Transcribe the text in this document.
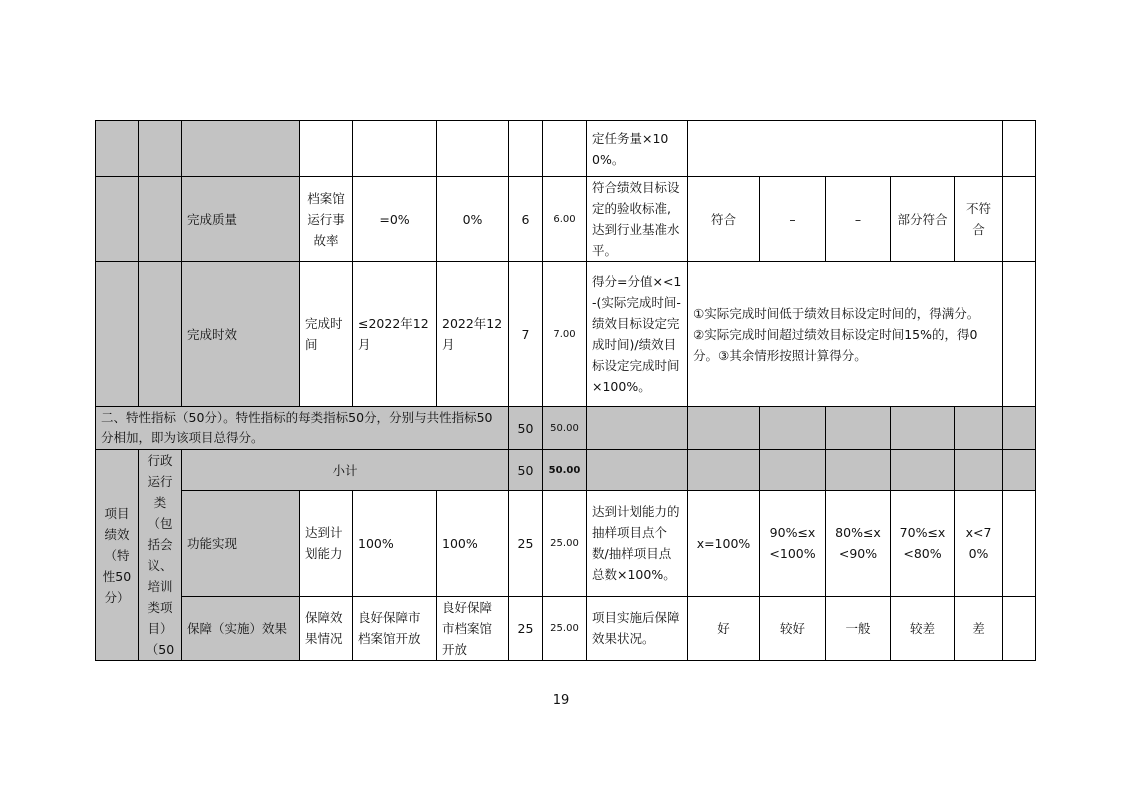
								定任务量×100%。						
		完成质量	档案馆运行事故率	=0%	0%	6	6.00	符合绩效目标设定的验收标准,达到行业基准水平。	符合	–	–	部分符合	不符合	
		完成时效	完成时间	≤2022年12月	2022年12月	7	7.00	得分=分值×<1-(实际完成时间-绩效目标设定完成时间)/绩效目标设定完成时间×100%。	①实际完成时间低于绩效目标设定时间的，得满分。
②实际完成时间超过绩效目标设定时间15%的，得0分。③其余情形按照计算得分。					

二、特性指标（50分）。特性指标的每类指标50分，分别与共性指标50分相加，即为该项目总得分。						50	50.00							
项目绩效（特性50分）	行政运行类（包括会议、培训类项目）（50	小计				50	50.00							
		功能实现	达到计划能力	100%	100%	25	25.00	达到计划能力的抽样项目点个数/抽样项目点总数×100%。	x=100%	90%≤x<100%	80%≤x<90%	70%≤x<80%	x<70%	
		保障（实施）效果	保障效果情况	良好保障市档案馆开放	良好保障市档案馆开放	25	25.00	项目实施后保障效果状况。	好	较好	一般	较差	差	
19
